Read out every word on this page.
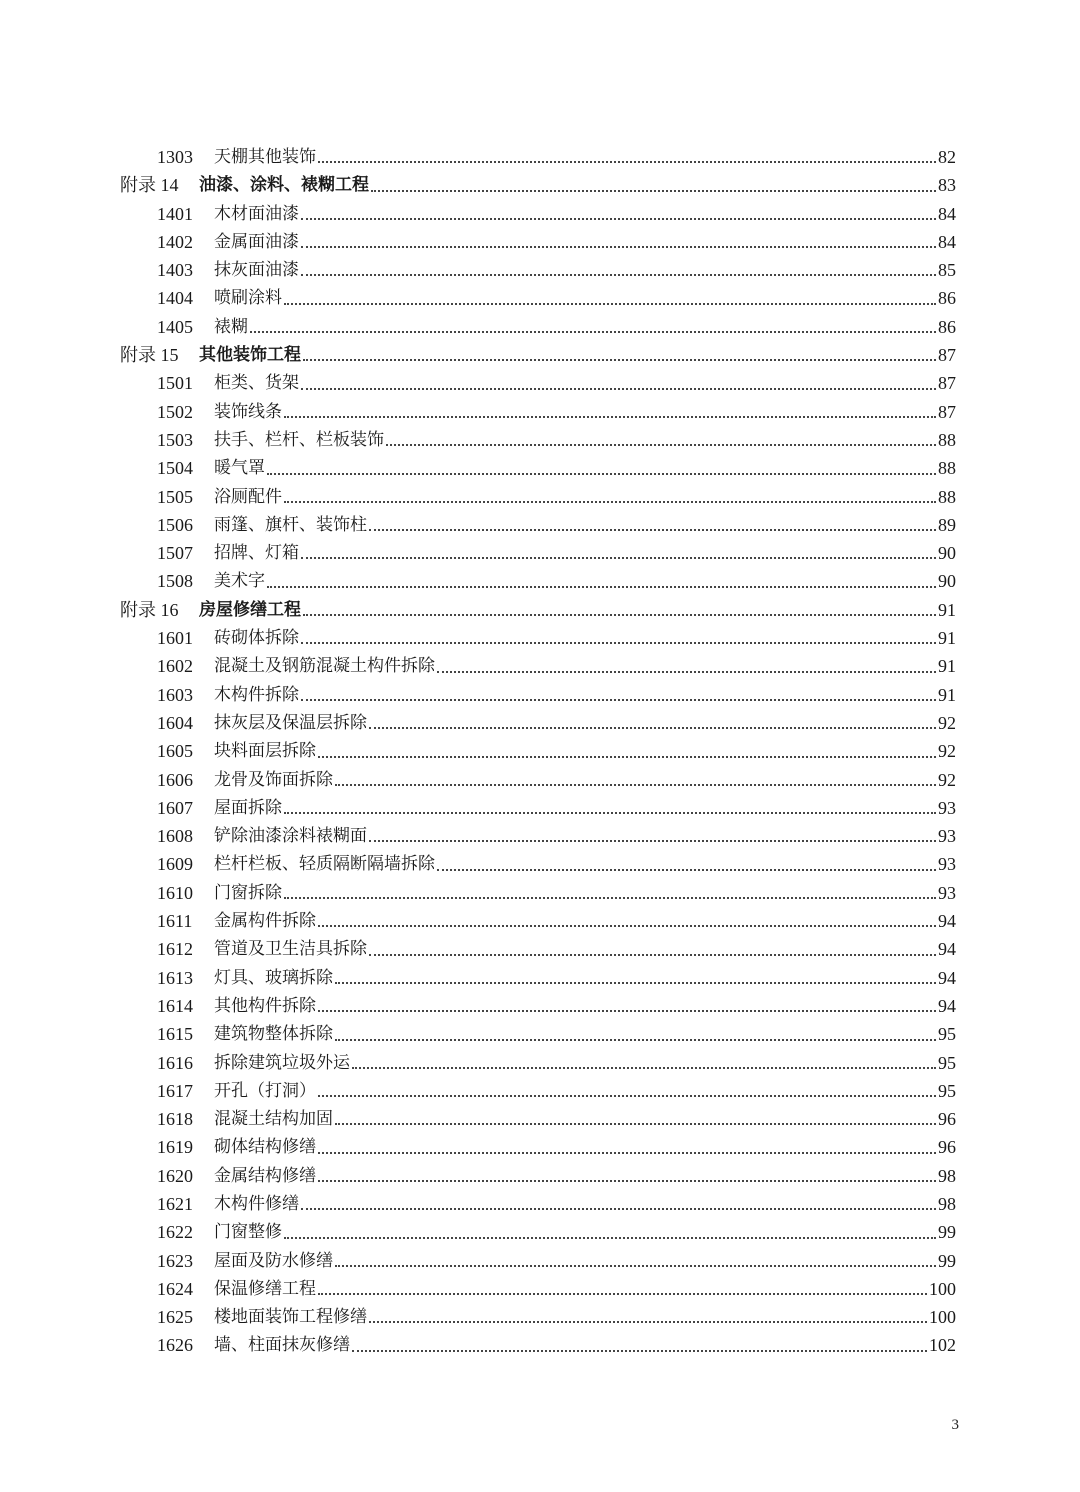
1303	天棚其他装饰	82
附录 14	油漆、涂料、裱糊工程	83
1401	木材面油漆	84
1402	金属面油漆	84
1403	抹灰面油漆	85
1404	喷刷涂料	86
1405	裱糊	86
附录 15	其他装饰工程	87
1501	柜类、货架	87
1502	装饰线条	87
1503	扶手、栏杆、栏板装饰	88
1504	暖气罩	88
1505	浴厕配件	88
1506	雨篷、旗杆、装饰柱	89
1507	招牌、灯箱	90
1508	美术字	90
附录 16	房屋修缮工程	91
1601	砖砌体拆除	91
1602	混凝土及钢筋混凝土构件拆除	91
1603	木构件拆除	91
1604	抹灰层及保温层拆除	92
1605	块料面层拆除	92
1606	龙骨及饰面拆除	92
1607	屋面拆除	93
1608	铲除油漆涂料裱糊面	93
1609	栏杆栏板、轻质隔断隔墙拆除	93
1610	门窗拆除	93
1611	金属构件拆除	94
1612	管道及卫生洁具拆除	94
1613	灯具、玻璃拆除	94
1614	其他构件拆除	94
1615	建筑物整体拆除	95
1616	拆除建筑垃圾外运	95
1617	开孔（打洞）	95
1618	混凝土结构加固	96
1619	砌体结构修缮	96
1620	金属结构修缮	98
1621	木构件修缮	98
1622	门窗整修	99
1623	屋面及防水修缮	99
1624	保温修缮工程	100
1625	楼地面装饰工程修缮	100
1626	墙、柱面抹灰修缮	102
3
